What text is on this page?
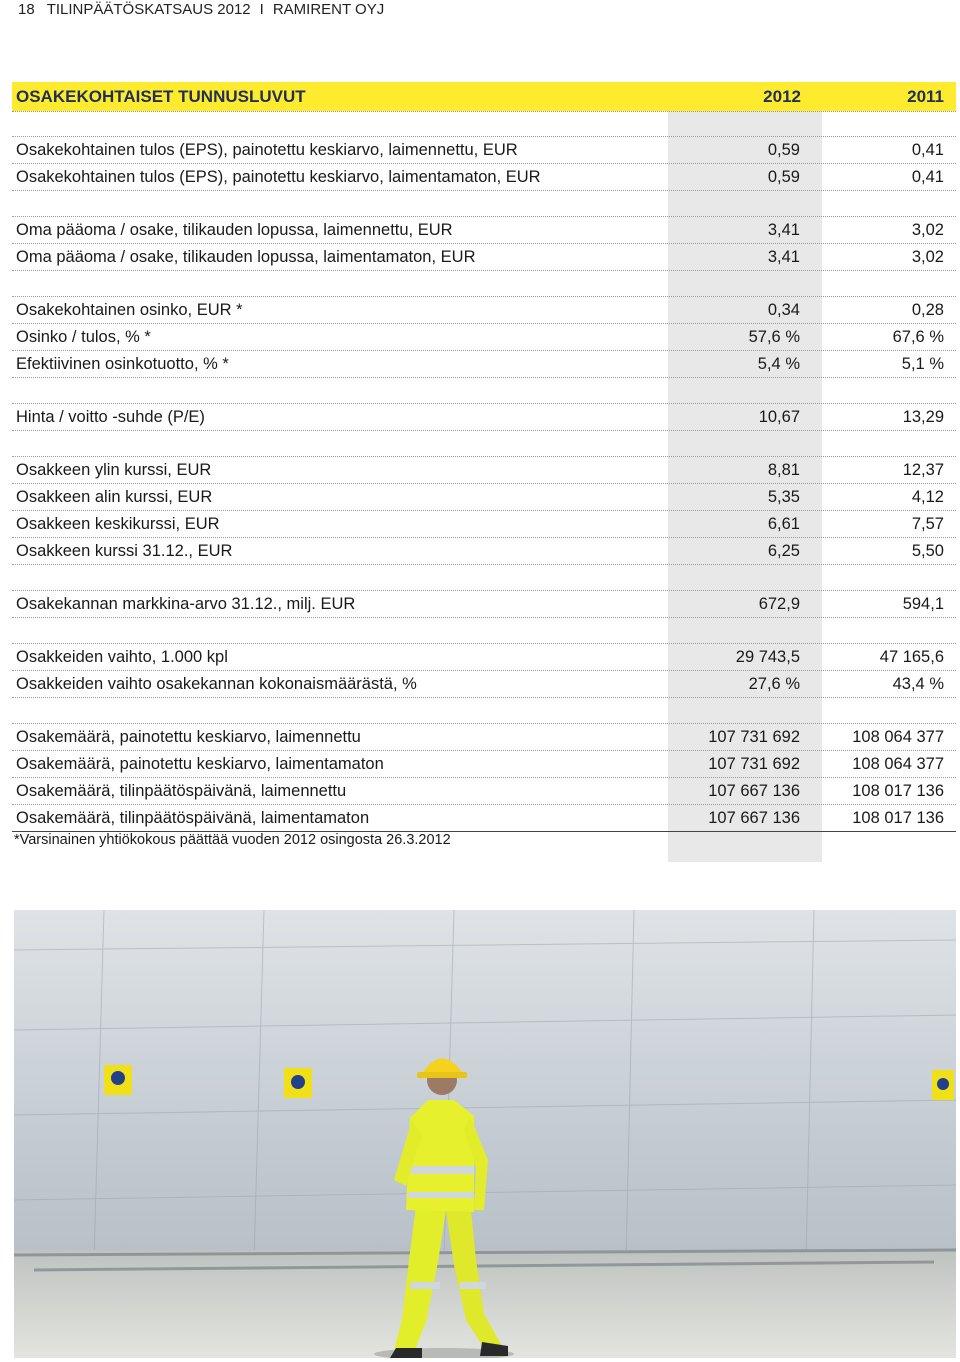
18 TILINPÄÄTÖSKATSAUS 2012 I RAMIRENT OYJ
OSAKEKOHTAISET TUNNUSLUVUT	2012	2011
Osakekohtainen tulos (EPS), painotettu keskiarvo, laimennettu, EUR	0,59	0,41
Osakekohtainen tulos (EPS), painotettu keskiarvo, laimentamaton, EUR	0,59	0,41
Oma pääoma / osake, tilikauden lopussa, laimennettu, EUR	3,41	3,02
Oma pääoma / osake, tilikauden lopussa, laimentamaton, EUR	3,41	3,02
Osakekohtainen osinko, EUR *	0,34	0,28
Osinko / tulos, % *	57,6 %	67,6 %
Efektiivinen osinkotuotto, % *	5,4 %	5,1 %
Hinta / voitto -suhde (P/E)	10,67	13,29
Osakkeen ylin kurssi, EUR	8,81	12,37
Osakkeen alin kurssi, EUR	5,35	4,12
Osakkeen keskikurssi, EUR	6,61	7,57
Osakkeen kurssi 31.12., EUR	6,25	5,50
Osakekannan markkina-arvo 31.12., milj. EUR	672,9	594,1
Osakkeiden vaihto, 1.000 kpl	29 743,5	47 165,6
Osakkeiden vaihto osakekannan kokonaismäärästä, %	27,6 %	43,4 %
Osakemäärä, painotettu keskiarvo, laimennettu	107 731 692	108 064 377
Osakemäärä, painotettu keskiarvo, laimentamaton	107 731 692	108 064 377
Osakemäärä, tilinpäätöspäivänä, laimennettu	107 667 136	108 017 136
Osakemäärä, tilinpäätöspäivänä, laimentamaton	107 667 136	108 017 136
*Varsinainen yhtiökokous päättää vuoden 2012 osingosta 26.3.2012
